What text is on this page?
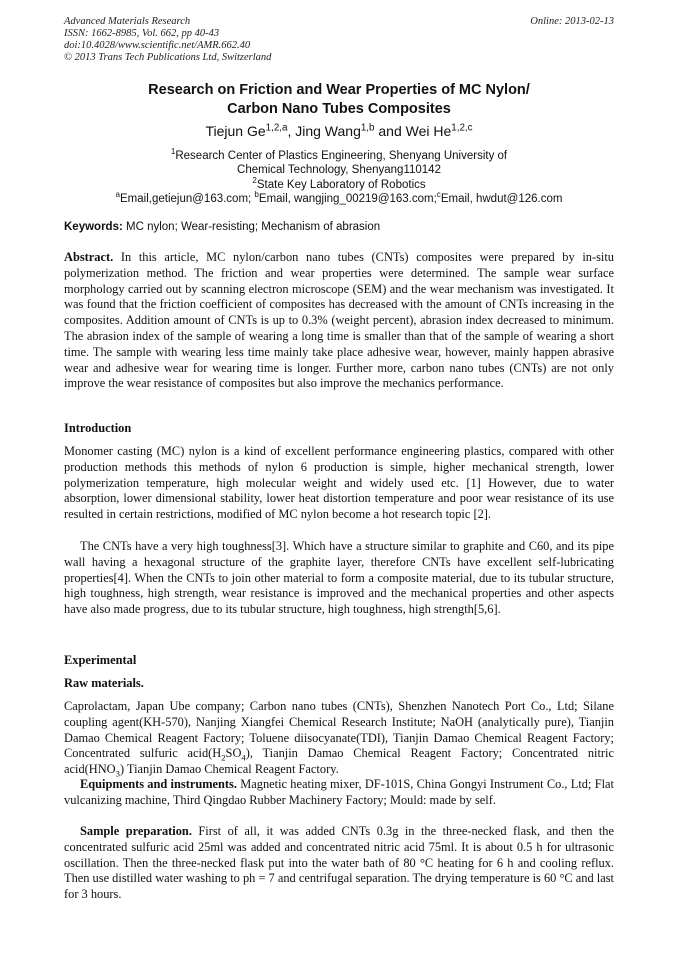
Advanced Materials Research
ISSN: 1662-8985, Vol. 662, pp 40-43
doi:10.4028/www.scientific.net/AMR.662.40
© 2013 Trans Tech Publications Ltd, Switzerland
Online: 2013-02-13
Research on Friction and Wear Properties of MC Nylon/
Carbon Nano Tubes Composites
Tiejun Ge$^{1,2,a}$, Jing Wang$^{1,b}$ and Wei He$^{1,2,c}$
$^1$Research Center of Plastics Engineering, Shenyang University of
Chemical Technology, Shenyang110142
$^2$State Key Laboratory of Robotics
$^a$Email,getiejun@163.com; $^b$Email, wangjing_00219@163.com;$^c$Email, hwdut@126.com
Keywords: MC nylon; Wear-resisting; Mechanism of abrasion
Abstract. In this article, MC nylon/carbon nano tubes (CNTs) composites were prepared by in-situ polymerization method. The friction and wear properties were determined. The sample wear surface morphology carried out by scanning electron microscope (SEM) and the wear mechanism was investigated. It was found that the friction coefficient of composites has decreased with the amount of CNTs increasing in the composites. Addition amount of CNTs is up to 0.3% (weight percent), abrasion index decreased to minimum. The abrasion index of the sample of wearing a long time is smaller than that of the sample of wearing a short time. The sample with wearing less time mainly take place adhesive wear, however, mainly happen abrasive wear and adhesive wear for wearing time is longer. Further more, carbon nano tubes (CNTs) are not only improve the wear resistance of composites but also improve the mechanics performance.
Introduction
Monomer casting (MC) nylon is a kind of excellent performance engineering plastics, compared with other production methods this methods of nylon 6 production is simple, higher mechanical strength, lower polymerization temperature, high molecular weight and widely used etc. [1] However, due to water absorption, lower dimensional stability, lower heat distortion temperature and poor wear resistance of its use resulted in certain restrictions, modified of MC nylon become a hot research topic [2].
The CNTs have a very high toughness[3]. Which have a structure similar to graphite and C60, and its pipe wall having a hexagonal structure of the graphite layer, therefore CNTs have excellent self-lubricating properties[4]. When the CNTs to join other material to form a composite material, due to its tubular structure, high toughness, high strength, wear resistance is improved and the mechanical properties and other aspects have also made progress, due to its tubular structure, high toughness, high strength[5,6].
Experimental
Raw materials.
Caprolactam, Japan Ube company; Carbon nano tubes (CNTs), Shenzhen Nanotech Port Co., Ltd; Silane coupling agent(KH-570), Nanjing Xiangfei Chemical Research Institute; NaOH (analytically pure), Tianjin Damao Chemical Reagent Factory; Toluene diisocyanate(TDI), Tianjin Damao Chemical Reagent Factory; Concentrated sulfuric $acid(H_2SO_4)$, Tianjin Damao Chemical Reagent Factory; Concentrated nitric $acid(HNO_3)$ Tianjin Damao Chemical Reagent Factory.
Equipments and instruments. Magnetic heating mixer, DF-101S, China Gongyi Instrument Co., Ltd; Flat vulcanizing machine, Third Qingdao Rubber Machinery Factory; Mould: made by self.
Sample preparation. First of all, it was added CNTs 0.3g in the three-necked flask, and then the concentrated sulfuric acid 25ml was added and concentrated nitric acid 75ml. It is about 0.5 h for ultrasonic oscillation. Then the three-necked flask put into the water bath of 80 °C heating for 6 h and cooling reflux. Then use distilled water washing to ph = 7 and centrifugal separation. The drying temperature is 60 °C and last for 3 hours.
